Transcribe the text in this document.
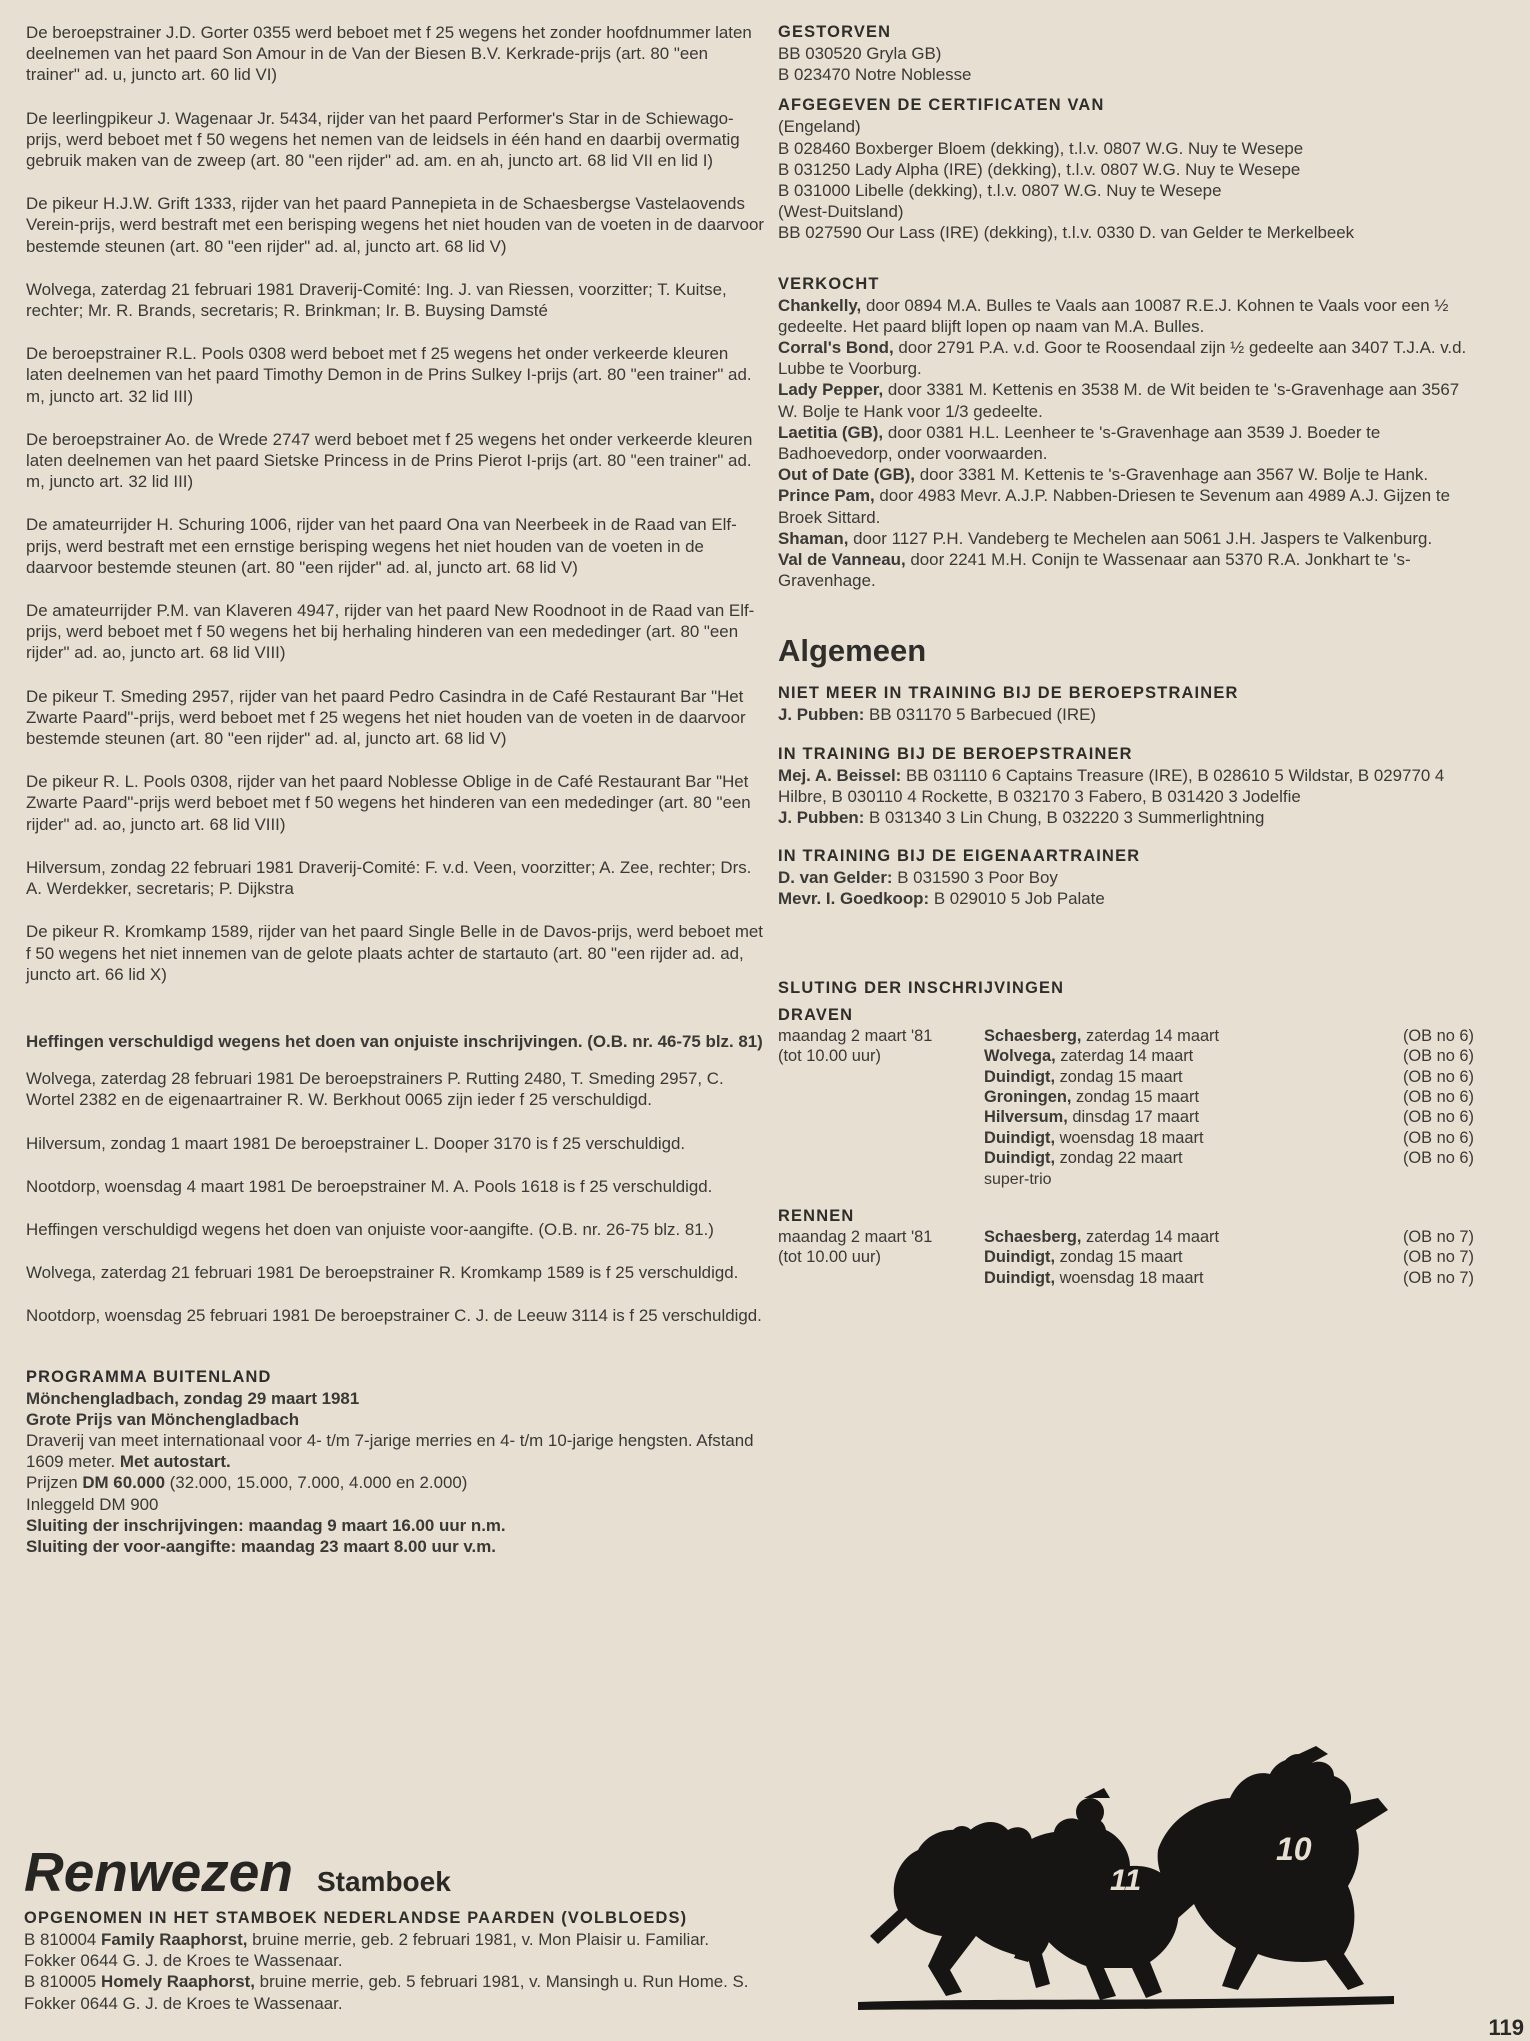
De beroepstrainer J.D. Gorter 0355 werd beboet met f 25 wegens het zonder hoofdnummer laten deelnemen van het paard Son Amour in de Van der Biesen B.V. Kerkrade-prijs (art. 80 "een trainer" ad. u, juncto art. 60 lid VI)

De leerlingpikeur J. Wagenaar Jr. 5434, rijder van het paard Performer's Star in de Schiewago-prijs, werd beboet met f 50 wegens het nemen van de leidsels in één hand en daarbij overmatig gebruik maken van de zweep (art. 80 "een rijder" ad. am. en ah, juncto art. 68 lid VII en lid I)

De pikeur H.J.W. Grift 1333, rijder van het paard Pannepieta in de Schaesbergse Vastelaovends Verein-prijs, werd bestraft met een berisping wegens het niet houden van de voeten in de daarvoor bestemde steunen (art. 80 "een rijder" ad. al, juncto art. 68 lid V)

Wolvega, zaterdag 21 februari 1981 Draverij-Comité: Ing. J. van Riessen, voorzitter; T. Kuitse, rechter; Mr. R. Brands, secretaris; R. Brinkman; Ir. B. Buysing Damsté

De beroepstrainer R.L. Pools 0308 werd beboet met f 25 wegens het onder verkeerde kleuren laten deelnemen van het paard Timothy Demon in de Prins Sulkey I-prijs (art. 80 "een trainer" ad. m, juncto art. 32 lid III)

De beroepstrainer Ao. de Wrede 2747 werd beboet met f 25 wegens het onder verkeerde kleuren laten deelnemen van het paard Sietske Princess in de Prins Pierot I-prijs (art. 80 "een trainer" ad. m, juncto art. 32 lid III)

De amateurrijder H. Schuring 1006, rijder van het paard Ona van Neerbeek in de Raad van Elf-prijs, werd bestraft met een ernstige berisping wegens het niet houden van de voeten in de daarvoor bestemde steunen (art. 80 "een rijder" ad. al, juncto art. 68 lid V)

De amateurrijder P.M. van Klaveren 4947, rijder van het paard New Roodnoot in de Raad van Elf-prijs, werd beboet met f 50 wegens het bij herhaling hinderen van een mededinger (art. 80 "een rijder" ad. ao, juncto art. 68 lid VIII)

De pikeur T. Smeding 2957, rijder van het paard Pedro Casindra in de Café Restaurant Bar "Het Zwarte Paard"-prijs, werd beboet met f 25 wegens het niet houden van de voeten in de daarvoor bestemde steunen (art. 80 "een rijder" ad. al, juncto art. 68 lid V)

De pikeur R. L. Pools 0308, rijder van het paard Noblesse Oblige in de Café Restaurant Bar "Het Zwarte Paard"-prijs werd beboet met f 50 wegens het hinderen van een mededinger (art. 80 "een rijder" ad. ao, juncto art. 68 lid VIII)

Hilversum, zondag 22 februari 1981 Draverij-Comité: F. v.d. Veen, voorzitter; A. Zee, rechter; Drs. A. Werdekker, secretaris; P. Dijkstra

De pikeur R. Kromkamp 1589, rijder van het paard Single Belle in de Davos-prijs, werd beboet met f 50 wegens het niet innemen van de gelote plaats achter de startauto (art. 80 "een rijder ad. ad, juncto art. 66 lid X)

Heffingen verschuldigd wegens het doen van onjuiste inschrijvingen. (O.B. nr. 46-75 blz. 81)

Wolvega, zaterdag 28 februari 1981 De beroepstrainers P. Rutting 2480, T. Smeding 2957, C. Wortel 2382 en de eigenaartrainer R. W. Berkhout 0065 zijn ieder f 25 verschuldigd.

Hilversum, zondag 1 maart 1981 De beroepstrainer L. Dooper 3170 is f 25 verschuldigd.

Nootdorp, woensdag 4 maart 1981 De beroepstrainer M. A. Pools 1618 is f 25 verschuldigd.

Heffingen verschuldigd wegens het doen van onjuiste voor-aangifte. (O.B. nr. 26-75 blz. 81.)

Wolvega, zaterdag 21 februari 1981 De beroepstrainer R. Kromkamp 1589 is f 25 verschuldigd.

Nootdorp, woensdag 25 februari 1981 De beroepstrainer C. J. de Leeuw 3114 is f 25 verschuldigd.

PROGRAMMA BUITENLAND

Mönchengladbach, zondag 29 maart 1981

Grote Prijs van Mönchengladbach

Draverij van meet internationaal voor 4- t/m 7-jarige merries en 4- t/m 10-jarige hengsten. Afstand 1609 meter. Met autostart.

Prijzen DM 60.000 (32.000, 15.000, 7.000, 4.000 en 2.000)

Inleggeld DM 900

Sluiting der inschrijvingen: maandag 9 maart 16.00 uur n.m.

Sluiting der voor-aangifte: maandag 23 maart 8.00 uur v.m.

GESTORVEN

BB 030520 Gryla GB)

B 023470 Notre Noblesse

AFGEGEVEN DE CERTIFICATEN VAN

(Engeland)

B 028460 Boxberger Bloem (dekking), t.l.v. 0807 W.G. Nuy te Wesepe

B 031250 Lady Alpha (IRE) (dekking), t.l.v. 0807 W.G. Nuy te Wesepe

B 031000 Libelle (dekking), t.l.v. 0807 W.G. Nuy te Wesepe

(West-Duitsland)

BB 027590 Our Lass (IRE) (dekking), t.l.v. 0330 D. van Gelder te Merkelbeek

VERKOCHT

Chankelly, door 0894 M.A. Bulles te Vaals aan 10087 R.E.J. Kohnen te Vaals voor een ½ gedeelte. Het paard blijft lopen op naam van M.A. Bulles.

Corral's Bond, door 2791 P.A. v.d. Goor te Roosendaal zijn ½ gedeelte aan 3407 T.J.A. v.d. Lubbe te Voorburg.

Lady Pepper, door 3381 M. Kettenis en 3538 M. de Wit beiden te 's-Gravenhage aan 3567 W. Bolje te Hank voor 1/3 gedeelte.

Laetitia (GB), door 0381 H.L. Leenheer te 's-Gravenhage aan 3539 J. Boeder te Badhoevedorp, onder voorwaarden.

Out of Date (GB), door 3381 M. Kettenis te 's-Gravenhage aan 3567 W. Bolje te Hank.

Prince Pam, door 4983 Mevr. A.J.P. Nabben-Driesen te Sevenum aan 4989 A.J. Gijzen te Broek Sittard.

Shaman, door 1127 P.H. Vandeberg te Mechelen aan 5061 J.H. Jaspers te Valkenburg.

Val de Vanneau, door 2241 M.H. Conijn te Wassenaar aan 5370 R.A. Jonkhart te 's-Gravenhage.

Algemeen

NIET MEER IN TRAINING BIJ DE BEROEPSTRAINER

J. Pubben: BB 031170 5 Barbecued (IRE)

IN TRAINING BIJ DE BEROEPSTRAINER

Mej. A. Beissel: BB 031110 6 Captains Treasure (IRE), B 028610 5 Wildstar, B 029770 4 Hilbre, B 030110 4 Rockette, B 032170 3 Fabero, B 031420 3 Jodelfie

J. Pubben: B 031340 3 Lin Chung, B 032220 3 Summerlightning

IN TRAINING BIJ DE EIGENAARTRAINER

D. van Gelder: B 031590 3 Poor Boy

Mevr. I. Goedkoop: B 029010 5 Job Palate

SLUTING DER INSCHRIJVINGEN

DRAVEN

maandag 2 maart '81	Schaesberg, zaterdag 14 maart	(OB no 6)
(tot 10.00 uur)	Wolvega, zaterdag 14 maart	(OB no 6)
Duindigt, zondag 15 maart	(OB no 6)
Groningen, zondag 15 maart	(OB no 6)
Hilversum, dinsdag 17 maart	(OB no 6)
Duindigt, woensdag 18 maart	(OB no 6)
Duindigt, zondag 22 maart	(OB no 6)

super-trio

RENNEN

maandag 2 maart '81	Schaesberg, zaterdag 14 maart	(OB no 7)
(tot 10.00 uur)	Duindigt, zondag 15 maart	(OB no 7)
Duindigt, woensdag 18 maart	(OB no 7)
Renwezen Stamboek

OPGENOMEN IN HET STAMBOEK NEDERLANDSE PAARDEN (VOLBLOEDS)

B 810004 Family Raaphorst, bruine merrie, geb. 2 februari 1981, v. Mon Plaisir u. Familiar. Fokker 0644 G. J. de Kroes te Wassenaar.

B 810005 Homely Raaphorst, bruine merrie, geb. 5 februari 1981, v. Mansingh u. Run Home. S. Fokker 0644 G. J. de Kroes te Wassenaar.

11
10
119
